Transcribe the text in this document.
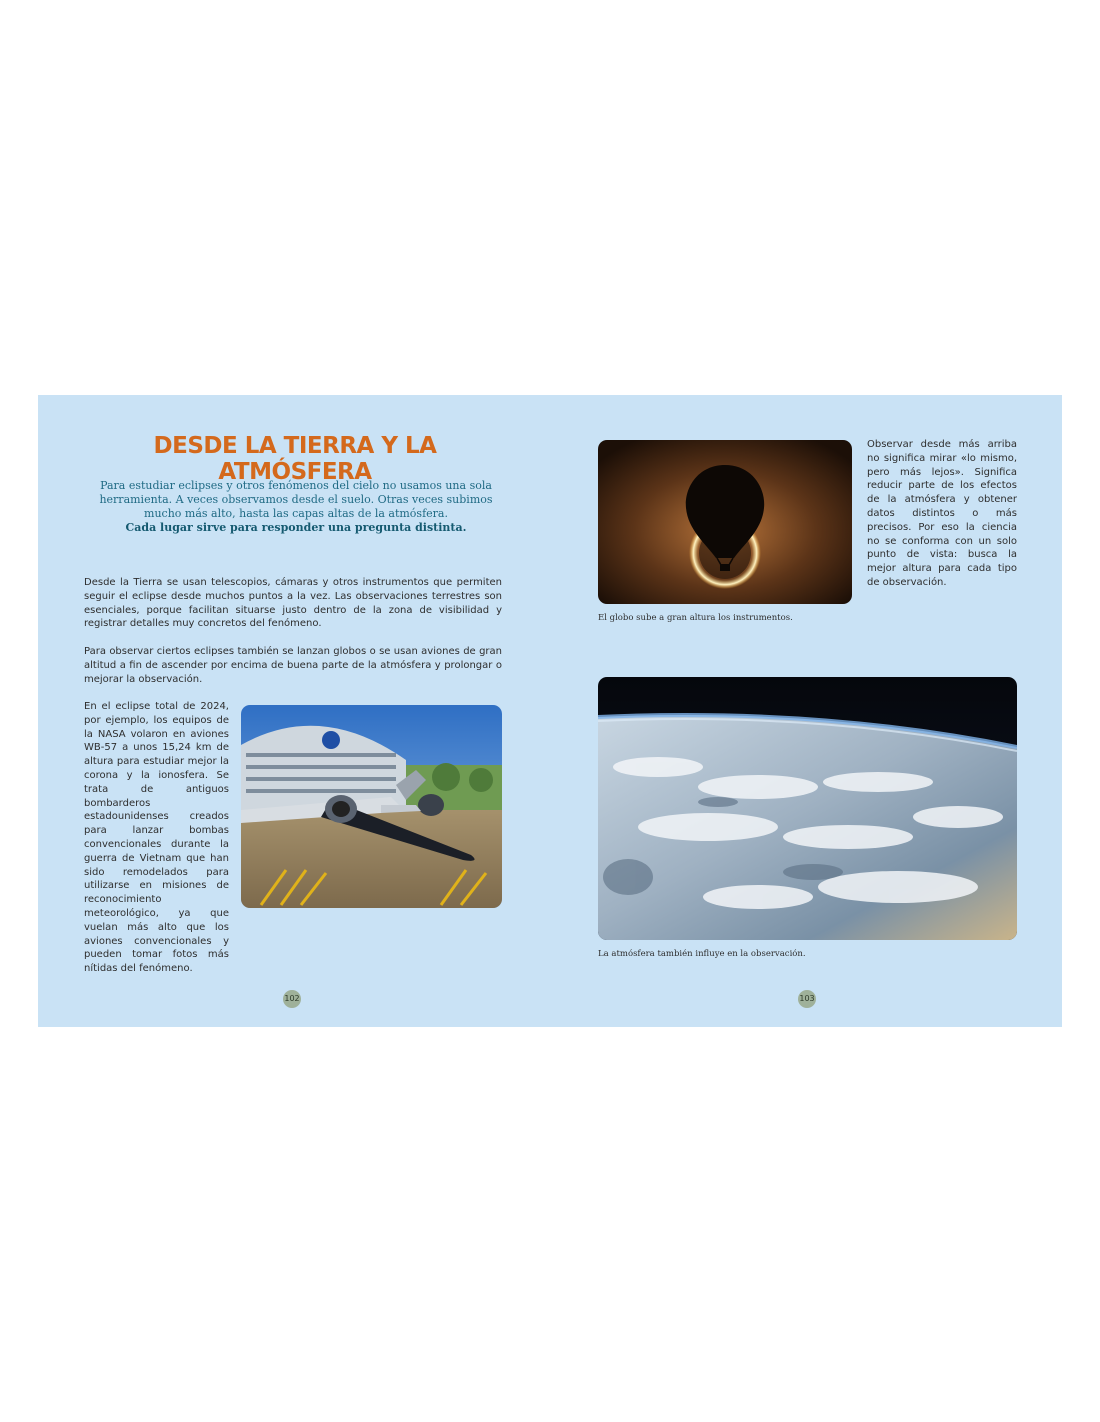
DESDE LA TIERRA Y LA ATMÓSFERA

Para estudiar eclipses y otros fenómenos del cielo no usamos una sola herramienta. A veces observamos desde el suelo. Otras veces subimos mucho más alto, hasta las capas altas de la atmósfera.
Cada lugar sirve para responder una pregunta distinta.

Desde la Tierra se usan telescopios, cámaras y otros instrumentos que permiten seguir el eclipse desde muchos puntos a la vez. Las observaciones terrestres son esenciales, porque facilitan situarse justo dentro de la zona de visibilidad y registrar detalles muy concretos del fenómeno.

Para observar ciertos eclipses también se lanzan globos o se usan aviones de gran altitud a fin de ascender por encima de buena parte de la atmósfera y prolongar o mejorar la observación.

En el eclipse total de 2024, por ejemplo, los equipos de la NASA volaron en aviones WB-57 a unos 15,24 km de altura para estudiar mejor la corona y la ionosfera. Se trata de antiguos bombarderos estadounidenses creados para lanzar bombas convencionales durante la guerra de Vietnam que han sido remodelados para utilizarse en misiones de reconocimiento meteorológico, ya que vuelan más alto que los aviones convencionales y pueden tomar fotos más nítidas del fenómeno.

102

Observar desde más arriba no significa mirar «lo mismo, pero más lejos». Significa reducir parte de los efectos de la atmósfera y obtener datos distintos o más precisos. Por eso la ciencia no se conforma con un solo punto de vista: busca la mejor altura para cada tipo de observación.

El globo sube a gran altura los instrumentos.

La atmósfera también influye en la observación.

103
